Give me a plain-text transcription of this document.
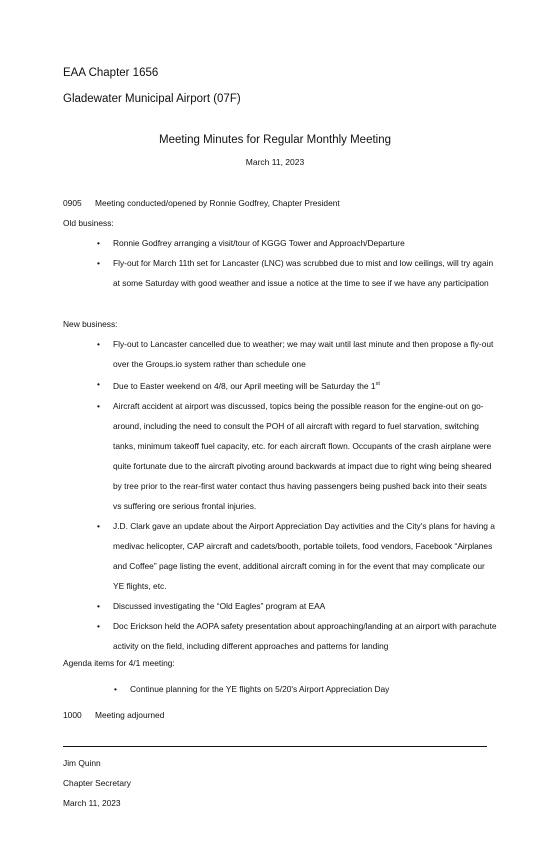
EAA Chapter 1656
Gladewater Municipal Airport (07F)
Meeting Minutes for Regular Monthly Meeting
March 11, 2023
0905 Meeting conducted/opened by Ronnie Godfrey, Chapter President
Old business:
• Ronnie Godfrey arranging a visit/tour of KGGG Tower and Approach/Departure
• Fly-out for March 11th set for Lancaster (LNC) was scrubbed due to mist and low ceilings, will try again at some Saturday with good weather and issue a notice at the time to see if we have any participation
New business:
• Fly-out to Lancaster cancelled due to weather; we may wait until last minute and then propose a fly-out over the Groups.io system rather than schedule one
• Due to Easter weekend on 4/8, our April meeting will be Saturday the 1st
• Aircraft accident at airport was discussed, topics being the possible reason for the engine-out on go-around, including the need to consult the POH of all aircraft with regard to fuel starvation, switching tanks, minimum takeoff fuel capacity, etc. for each aircraft flown. Occupants of the crash airplane were quite fortunate due to the aircraft pivoting around backwards at impact due to right wing being sheared by tree prior to the rear-first water contact thus having passengers being pushed back into their seats vs suffering ore serious frontal injuries.
• J.D. Clark gave an update about the Airport Appreciation Day activities and the City's plans for having a medivac helicopter, CAP aircraft and cadets/booth, portable toilets, food vendors, Facebook “Airplanes and Coffee” page listing the event, additional aircraft coming in for the event that may complicate our YE flights, etc.
• Discussed investigating the “Old Eagles” program at EAA
• Doc Erickson held the AOPA safety presentation about approaching/landing at an airport with parachute activity on the field, including different approaches and patterns for landing
Agenda items for 4/1 meeting:
• Continue planning for the YE flights on 5/20's Airport Appreciation Day
1000 Meeting adjourned
Jim Quinn
Chapter Secretary
March 11, 2023
